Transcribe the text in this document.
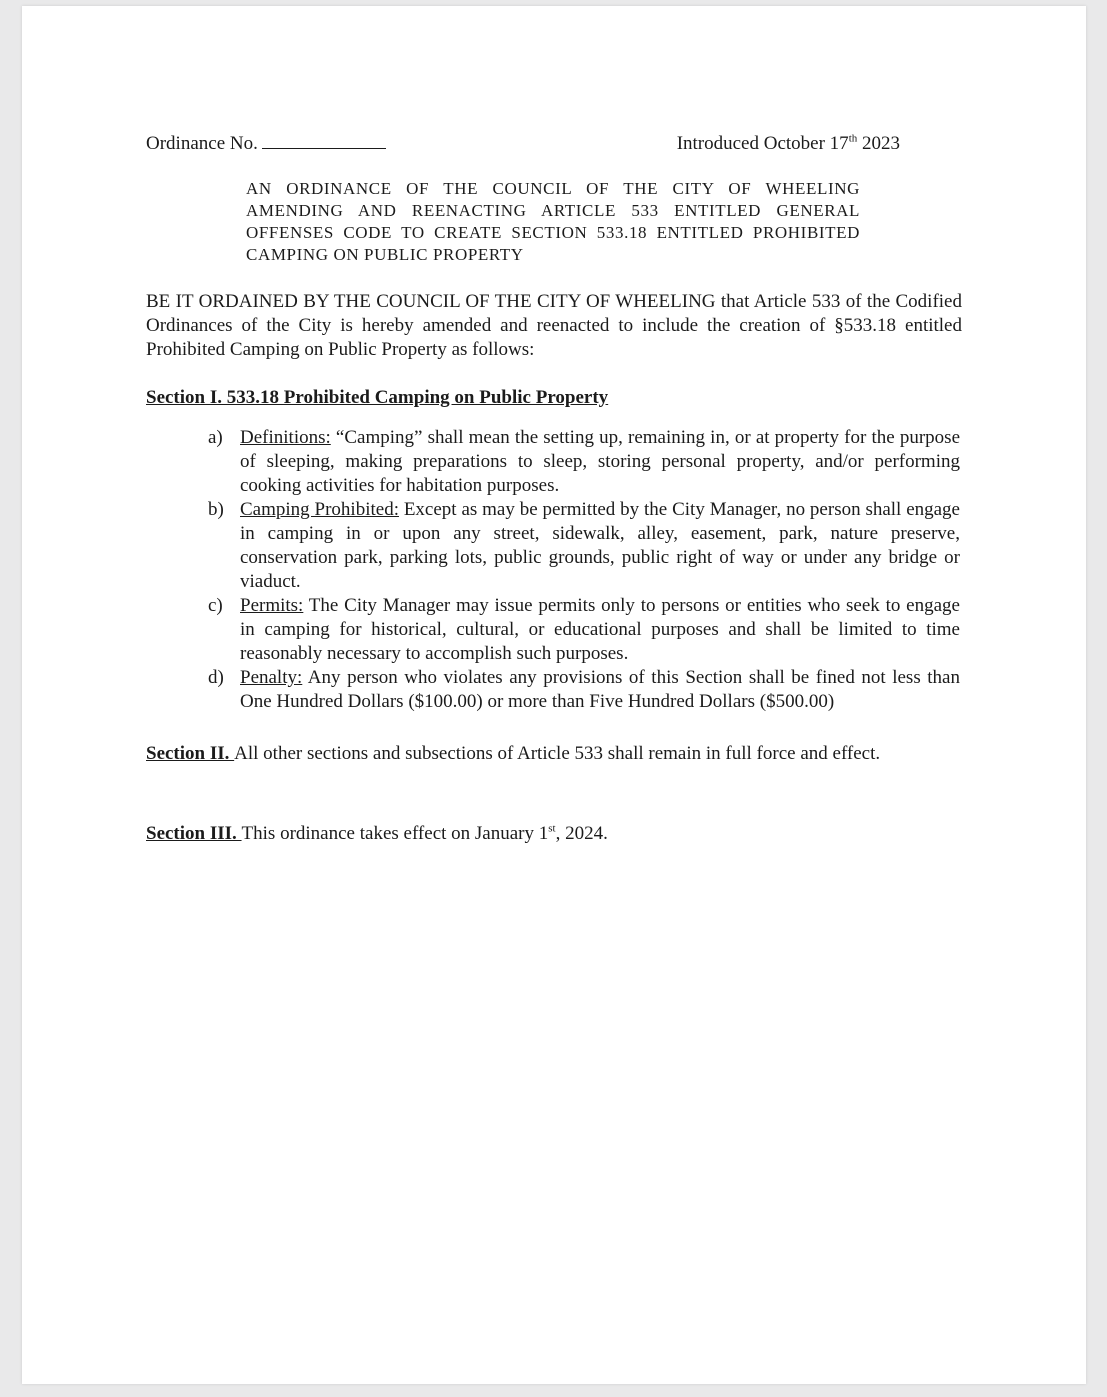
Ordinance No.	Introduced October 17th 2023
AN ORDINANCE OF THE COUNCIL OF THE CITY OF WHEELING AMENDING AND REENACTING ARTICLE 533 ENTITLED GENERAL OFFENSES CODE TO CREATE SECTION 533.18 ENTITLED PROHIBITED CAMPING ON PUBLIC PROPERTY
BE IT ORDAINED BY THE COUNCIL OF THE CITY OF WHEELING that Article 533 of the Codified Ordinances of the City is hereby amended and reenacted to include the creation of §533.18 entitled Prohibited Camping on Public Property as follows:
Section I. 533.18 Prohibited Camping on Public Property
a) Definitions: “Camping” shall mean the setting up, remaining in, or at property for the purpose of sleeping, making preparations to sleep, storing personal property, and/or performing cooking activities for habitation purposes.
b) Camping Prohibited: Except as may be permitted by the City Manager, no person shall engage in camping in or upon any street, sidewalk, alley, easement, park, nature preserve, conservation park, parking lots, public grounds, public right of way or under any bridge or viaduct.
c) Permits: The City Manager may issue permits only to persons or entities who seek to engage in camping for historical, cultural, or educational purposes and shall be limited to time reasonably necessary to accomplish such purposes.
d) Penalty: Any person who violates any provisions of this Section shall be fined not less than One Hundred Dollars ($100.00) or more than Five Hundred Dollars ($500.00)
Section II. All other sections and subsections of Article 533 shall remain in full force and effect.
Section III. This ordinance takes effect on January 1st, 2024.
